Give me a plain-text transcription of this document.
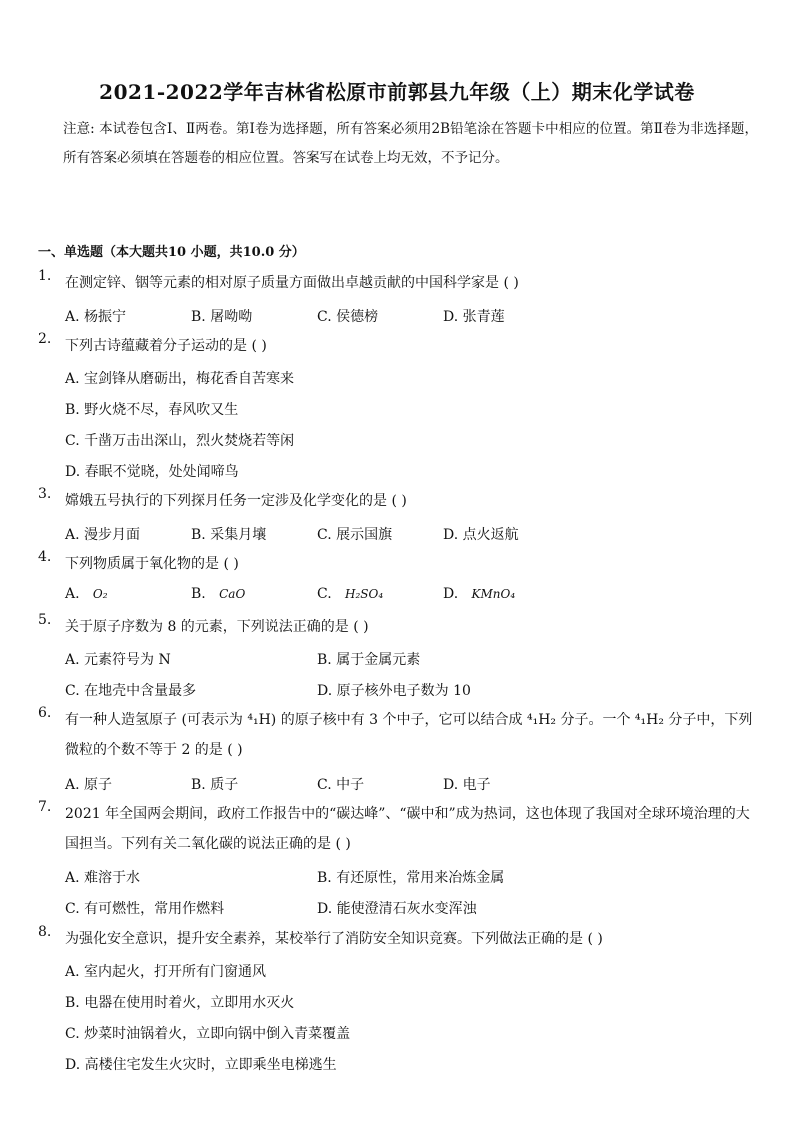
2021-2022学年吉林省松原市前郭县九年级（上）期末化学试卷
注意: 本试卷包含Ⅰ、Ⅱ两卷。第Ⅰ卷为选择题，所有答案必须用2B铅笔涂在答题卡中相应的位置。第Ⅱ卷为非选择题，所有答案必须填在答题卷的相应位置。答案写在试卷上均无效，不予记分。
一、单选题（本大题共10 小题，共10.0 分）
1. 在测定锌、铟等元素的相对原子质量方面做出卓越贡献的中国科学家是 ( )
A. 杨振宁	B. 屠呦呦	C. 侯德榜	D. 张青莲
2. 下列古诗蕴藏着分子运动的是 ( )
A. 宝剑锋从磨砺出，梅花香自苦寒来
B. 野火烧不尽，春风吹又生
C. 千凿万击出深山，烈火焚烧若等闲
D. 春眠不觉晓，处处闻啼鸟
3. 嫦娥五号执行的下列探月任务一定涉及化学变化的是 ( )
A. 漫步月面	B. 采集月壤	C. 展示国旗	D. 点火返航
4. 下列物质属于氧化物的是 ( )
A. O₂	B. CaO	C. H₂SO₄	D. KMnO₄
5. 关于原子序数为 8 的元素，下列说法正确的是 ( )
A. 元素符号为 N	B. 属于金属元素
C. 在地壳中含量最多	D. 原子核外电子数为 10
6. 有一种人造氢原子 (可表示为 ⁴₁H) 的原子核中有 3 个中子，它可以结合成 ⁴₁H₂ 分子。一个 ⁴₁H₂ 分子中，下列微粒的个数不等于 2 的是 ( )
A. 原子	B. 质子	C. 中子	D. 电子
7. 2021 年全国两会期间，政府工作报告中的“碳达峰”、“碳中和”成为热词，这也体现了我国对全球环境治理的大国担当。下列有关二氧化碳的说法正确的是 ( )
A. 难溶于水	B. 有还原性，常用来冶炼金属
C. 有可燃性，常用作燃料	D. 能使澄清石灰水变浑浊
8. 为强化安全意识，提升安全素养，某校举行了消防安全知识竞赛。下列做法正确的是 ( )
A. 室内起火，打开所有门窗通风
B. 电器在使用时着火，立即用水灭火
C. 炒菜时油锅着火，立即向锅中倒入青菜覆盖
D. 高楼住宅发生火灾时，立即乘坐电梯逃生
